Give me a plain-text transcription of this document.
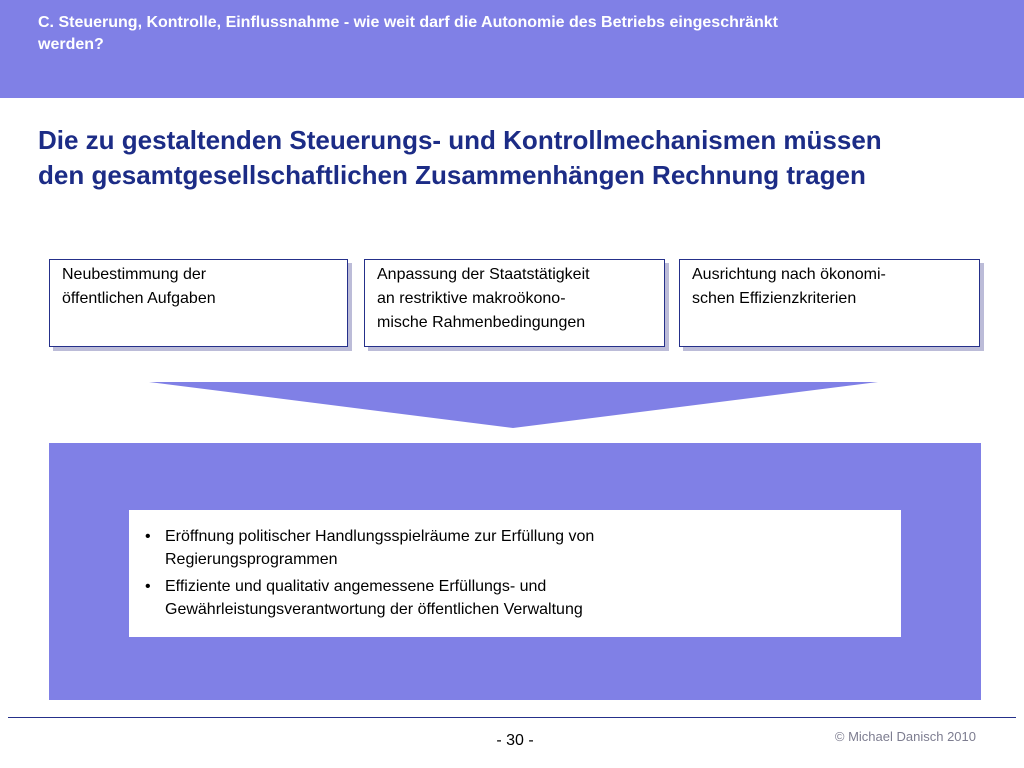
C. Steuerung, Kontrolle, Einflussnahme - wie weit darf die Autonomie des Betriebs eingeschränkt
werden?
Die zu gestaltenden Steuerungs- und Kontrollmechanismen müssen
den gesamtgesellschaftlichen Zusammenhängen Rechnung tragen
Neubestimmung der
öffentlichen Aufgaben
Anpassung der Staatstätigkeit
an restriktive makroökono-
mische Rahmenbedingungen
Ausrichtung nach ökonomi-
schen Effizienzkriterien
• Eröffnung politischer Handlungsspielräume zur Erfüllung von
Regierungsprogrammen
• Effiziente und qualitativ angemessene Erfüllungs- und
Gewährleistungsverantwortung der öffentlichen Verwaltung
- 30 -	© Michael Danisch 2010
